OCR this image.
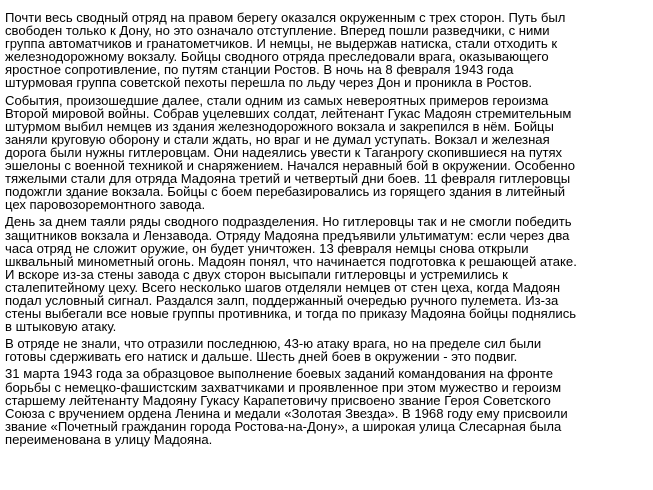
Почти весь сводный отряд на правом берегу оказался окруженным с трех сторон. Путь был
свободен только к Дону, но это означало отступление. Вперед пошли разведчики, с ними
группа автоматчиков и гранатометчиков. И немцы, не выдержав натиска, стали отходить к
железнодорожному вокзалу. Бойцы сводного отряда преследовали врага, оказывающего
яростное сопротивление, по путям станции Ростов. В ночь на 8 февраля 1943 года
штурмовая группа советской пехоты перешла по льду через Дон и проникла в Ростов.

События, произошедшие далее, стали одним из самых невероятных примеров героизма
Второй мировой войны. Собрав уцелевших солдат, лейтенант Гукас Мадоян стремительным
штурмом выбил немцев из здания железнодорожного вокзала и закрепился в нём. Бойцы
заняли круговую оборону и стали ждать, но враг и не думал уступать. Вокзал и железная
дорога были нужны гитлеровцам. Они надеялись увести к Таганрогу скопившиеся на путях
эшелоны с военной техникой и снаряжением. Начался неравный бой в окружении. Особенно
тяжелыми стали для отряда Мадояна третий и четвертый дни боев. 11 февраля гитлеровцы
подожгли здание вокзала. Бойцы с боем перебазировались из горящего здания в литейный
цех паровозоремонтного завода.

День за днем таяли ряды сводного подразделения. Но гитлеровцы так и не смогли победить
защитников вокзала и Лензавода. Отряду Мадояна предъявили ультиматум: если через два
часа отряд не сложит оружие, он будет уничтожен. 13 февраля немцы снова открыли
шквальный минометный огонь. Мадоян понял, что начинается подготовка к решающей атаке.
И вскоре из-за стены завода с двух сторон высыпали гитлеровцы и устремились к
сталепитейному цеху. Всего несколько шагов отделяли немцев от стен цеха, когда Мадоян
подал условный сигнал. Раздался залп, поддержанный очередью ручного пулемета. Из-за
стены выбегали все новые группы противника, и тогда по приказу Мадояна бойцы поднялись
в штыковую атаку.

В отряде не знали, что отразили последнюю, 43-ю атаку врага, но на пределе сил были
готовы сдерживать его натиск и дальше. Шесть дней боев в окружении - это подвиг.

31 марта 1943 года за образцовое выполнение боевых заданий командования на фронте
борьбы с немецко-фашистским захватчиками и проявленное при этом мужество и героизм
старшему лейтенанту Мадояну Гукасу Карапетовичу присвоено звание Героя Советского
Союза с вручением ордена Ленина и медали «Золотая Звезда». В 1968 году ему присвоили
звание «Почетный гражданин города Ростова-на-Дону», а широкая улица Слесарная была
переименована в улицу Мадояна.
